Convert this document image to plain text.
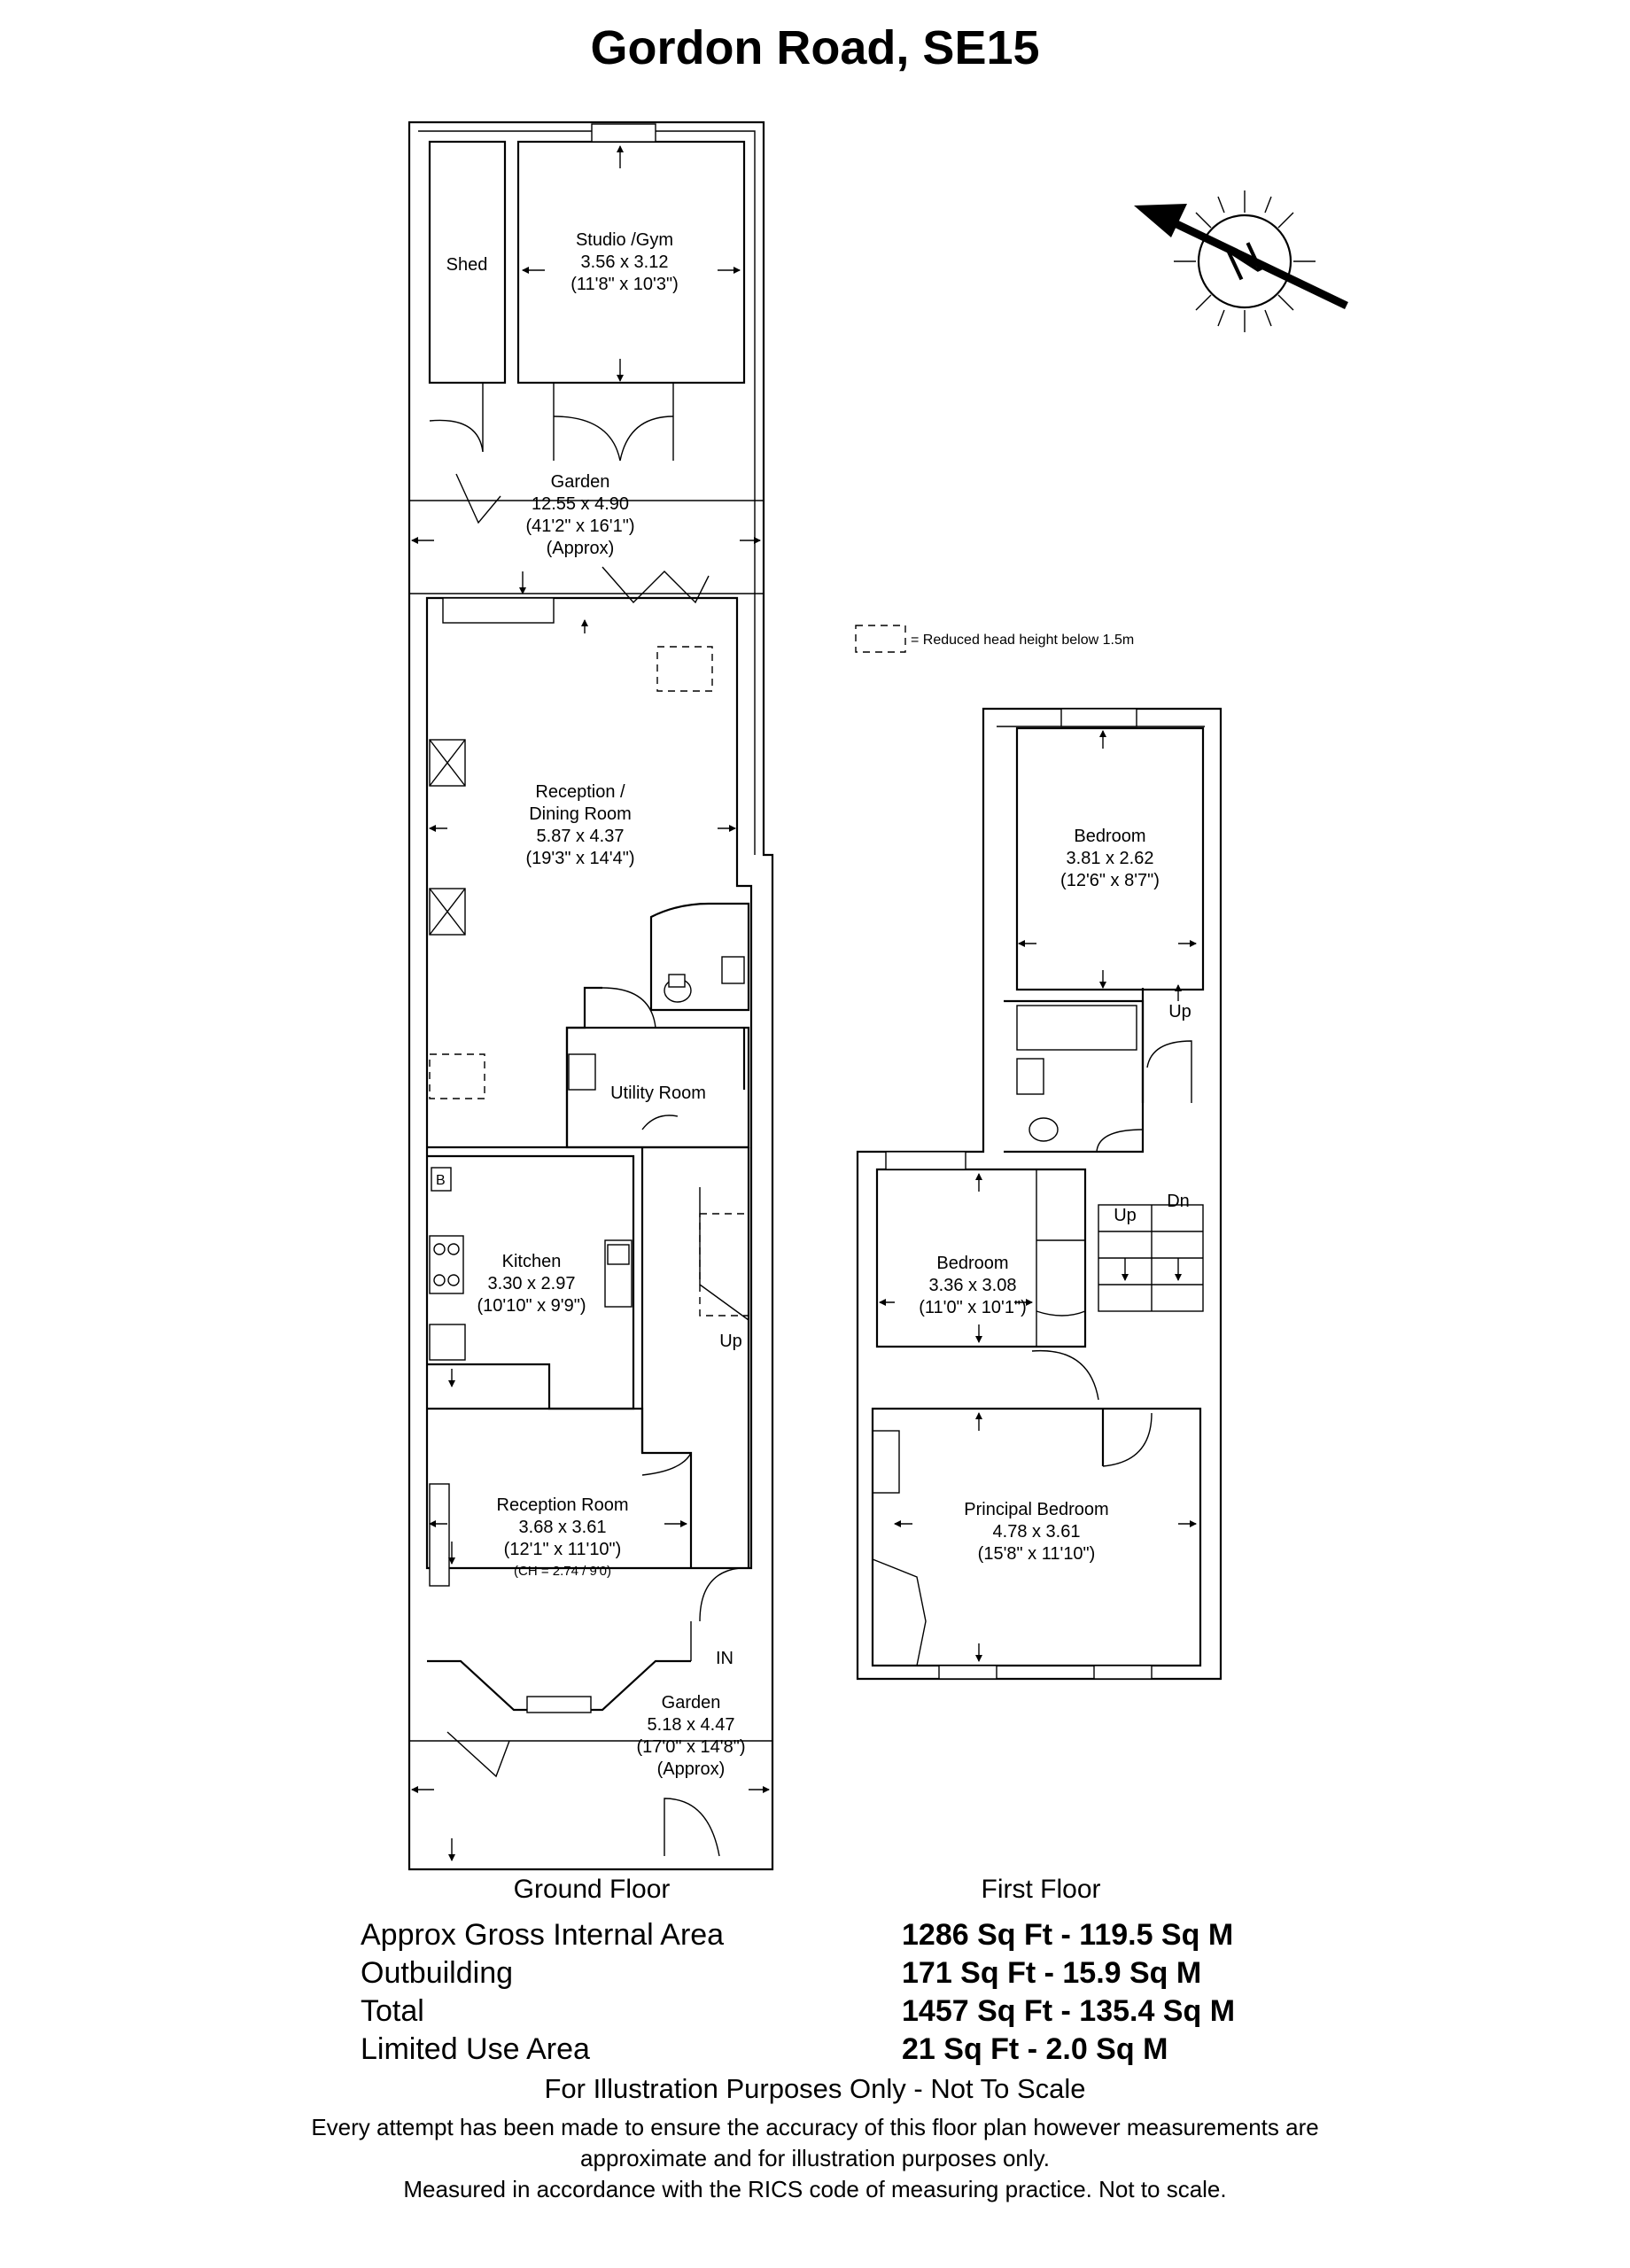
Gordon Road, SE15
N
= Reduced head height below 1.5m
B
Shed
Studio /Gym
3.56 x 3.12
(11'8" x 10'3")
Garden
12.55 x 4.90
(41'2" x 16'1")
(Approx)
Reception /
Dining Room
5.87 x 4.37
(19'3" x 14'4")
Utility Room
Kitchen
3.30 x 2.97
(10'10" x 9'9")
Up
Reception Room
3.68 x 3.61
(12'1" x 11'10")
(CH = 2.74 / 9'0)
IN
Garden
5.18 x 4.47
(17'0" x 14'8")
(Approx)
Bedroom
3.81 x 2.62
(12'6" x 8'7")
Up
Up
Dn
Bedroom
3.36 x 3.08
(11'0" x 10'1")
Principal Bedroom
4.78 x 3.61
(15'8" x 11'10")
Ground Floor	First Floor
Approx Gross Internal Area	1286 Sq Ft - 119.5 Sq M
Outbuilding	171 Sq Ft - 15.9 Sq M
Total	1457 Sq Ft - 135.4 Sq M
Limited Use Area	21 Sq Ft - 2.0 Sq M
For Illustration Purposes Only - Not To Scale
Every attempt has been made to ensure the accuracy of this floor plan however measurements are
approximate and for illustration purposes only.
Measured in accordance with the RICS code of measuring practice. Not to scale.
